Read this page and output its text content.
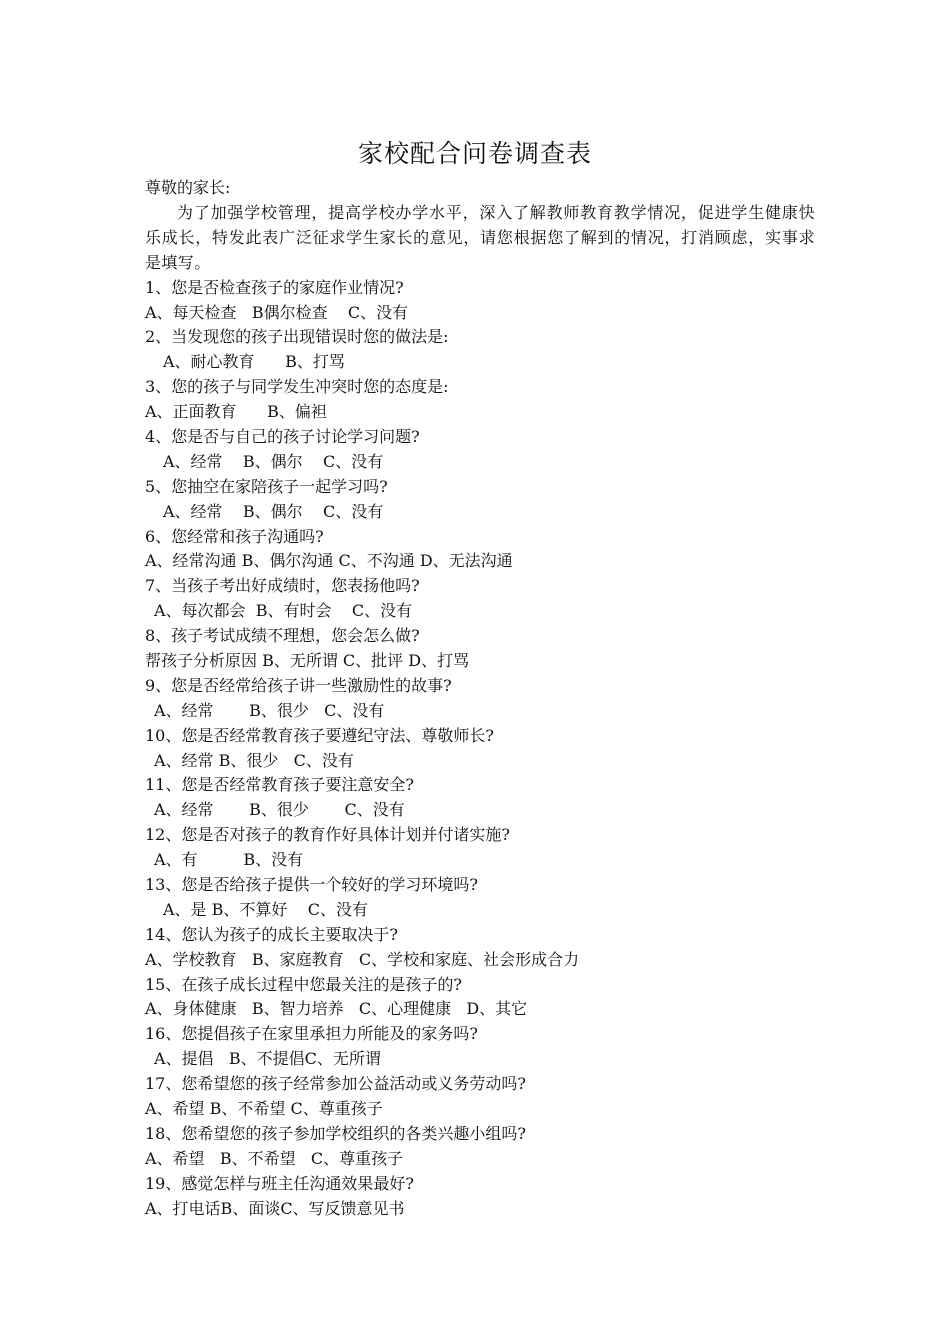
家校配合问卷调查表
尊敬的家长:
为了加强学校管理，提高学校办学水平，深入了解教师教育教学情况，促进学生健康快乐成长，特发此表广泛征求学生家长的意见，请您根据您了解到的情况，打消顾虑，实事求是填写。
1、您是否检查孩子的家庭作业情况?
A、每天检查   B偶尔检查    C、没有
2、当发现您的孩子出现错误时您的做法是:
A、耐心教育      B、打骂
3、您的孩子与同学发生冲突时您的态度是:
A、正面教育      B、偏袒
4、您是否与自己的孩子讨论学习问题?
A、经常    B、偶尔    C、没有
5、您抽空在家陪孩子一起学习吗?
A、经常    B、偶尔    C、没有
6、您经常和孩子沟通吗?
A、经常沟通 B、偶尔沟通 C、不沟通 D、无法沟通
7、当孩子考出好成绩时，您表扬他吗?
A、每次都会  B、有时会    C、没有
8、孩子考试成绩不理想，您会怎么做?
帮孩子分析原因 B、无所谓 C、批评 D、打骂
9、您是否经常给孩子讲一些激励性的故事?
A、经常       B、很少   C、没有
10、您是否经常教育孩子要遵纪守法、尊敬师长?
A、经常 B、很少   C、没有
11、您是否经常教育孩子要注意安全?
A、经常       B、很少       C、没有
12、您是否对孩子的教育作好具体计划并付诸实施?
A、有         B、没有
13、您是否给孩子提供一个较好的学习环境吗?
A、是 B、不算好    C、没有
14、您认为孩子的成长主要取决于?
A、学校教育   B、家庭教育   C、学校和家庭、社会形成合力
15、在孩子成长过程中您最关注的是孩子的?
A、身体健康   B、智力培养   C、心理健康   D、其它
16、您提倡孩子在家里承担力所能及的家务吗?
A、提倡   B、不提倡C、无所谓
17、您希望您的孩子经常参加公益活动或义务劳动吗?
A、希望 B、不希望 C、尊重孩子
18、您希望您的孩子参加学校组织的各类兴趣小组吗?
A、希望   B、不希望   C、尊重孩子
19、感觉怎样与班主任沟通效果最好?
A、打电话B、面谈C、写反馈意见书
